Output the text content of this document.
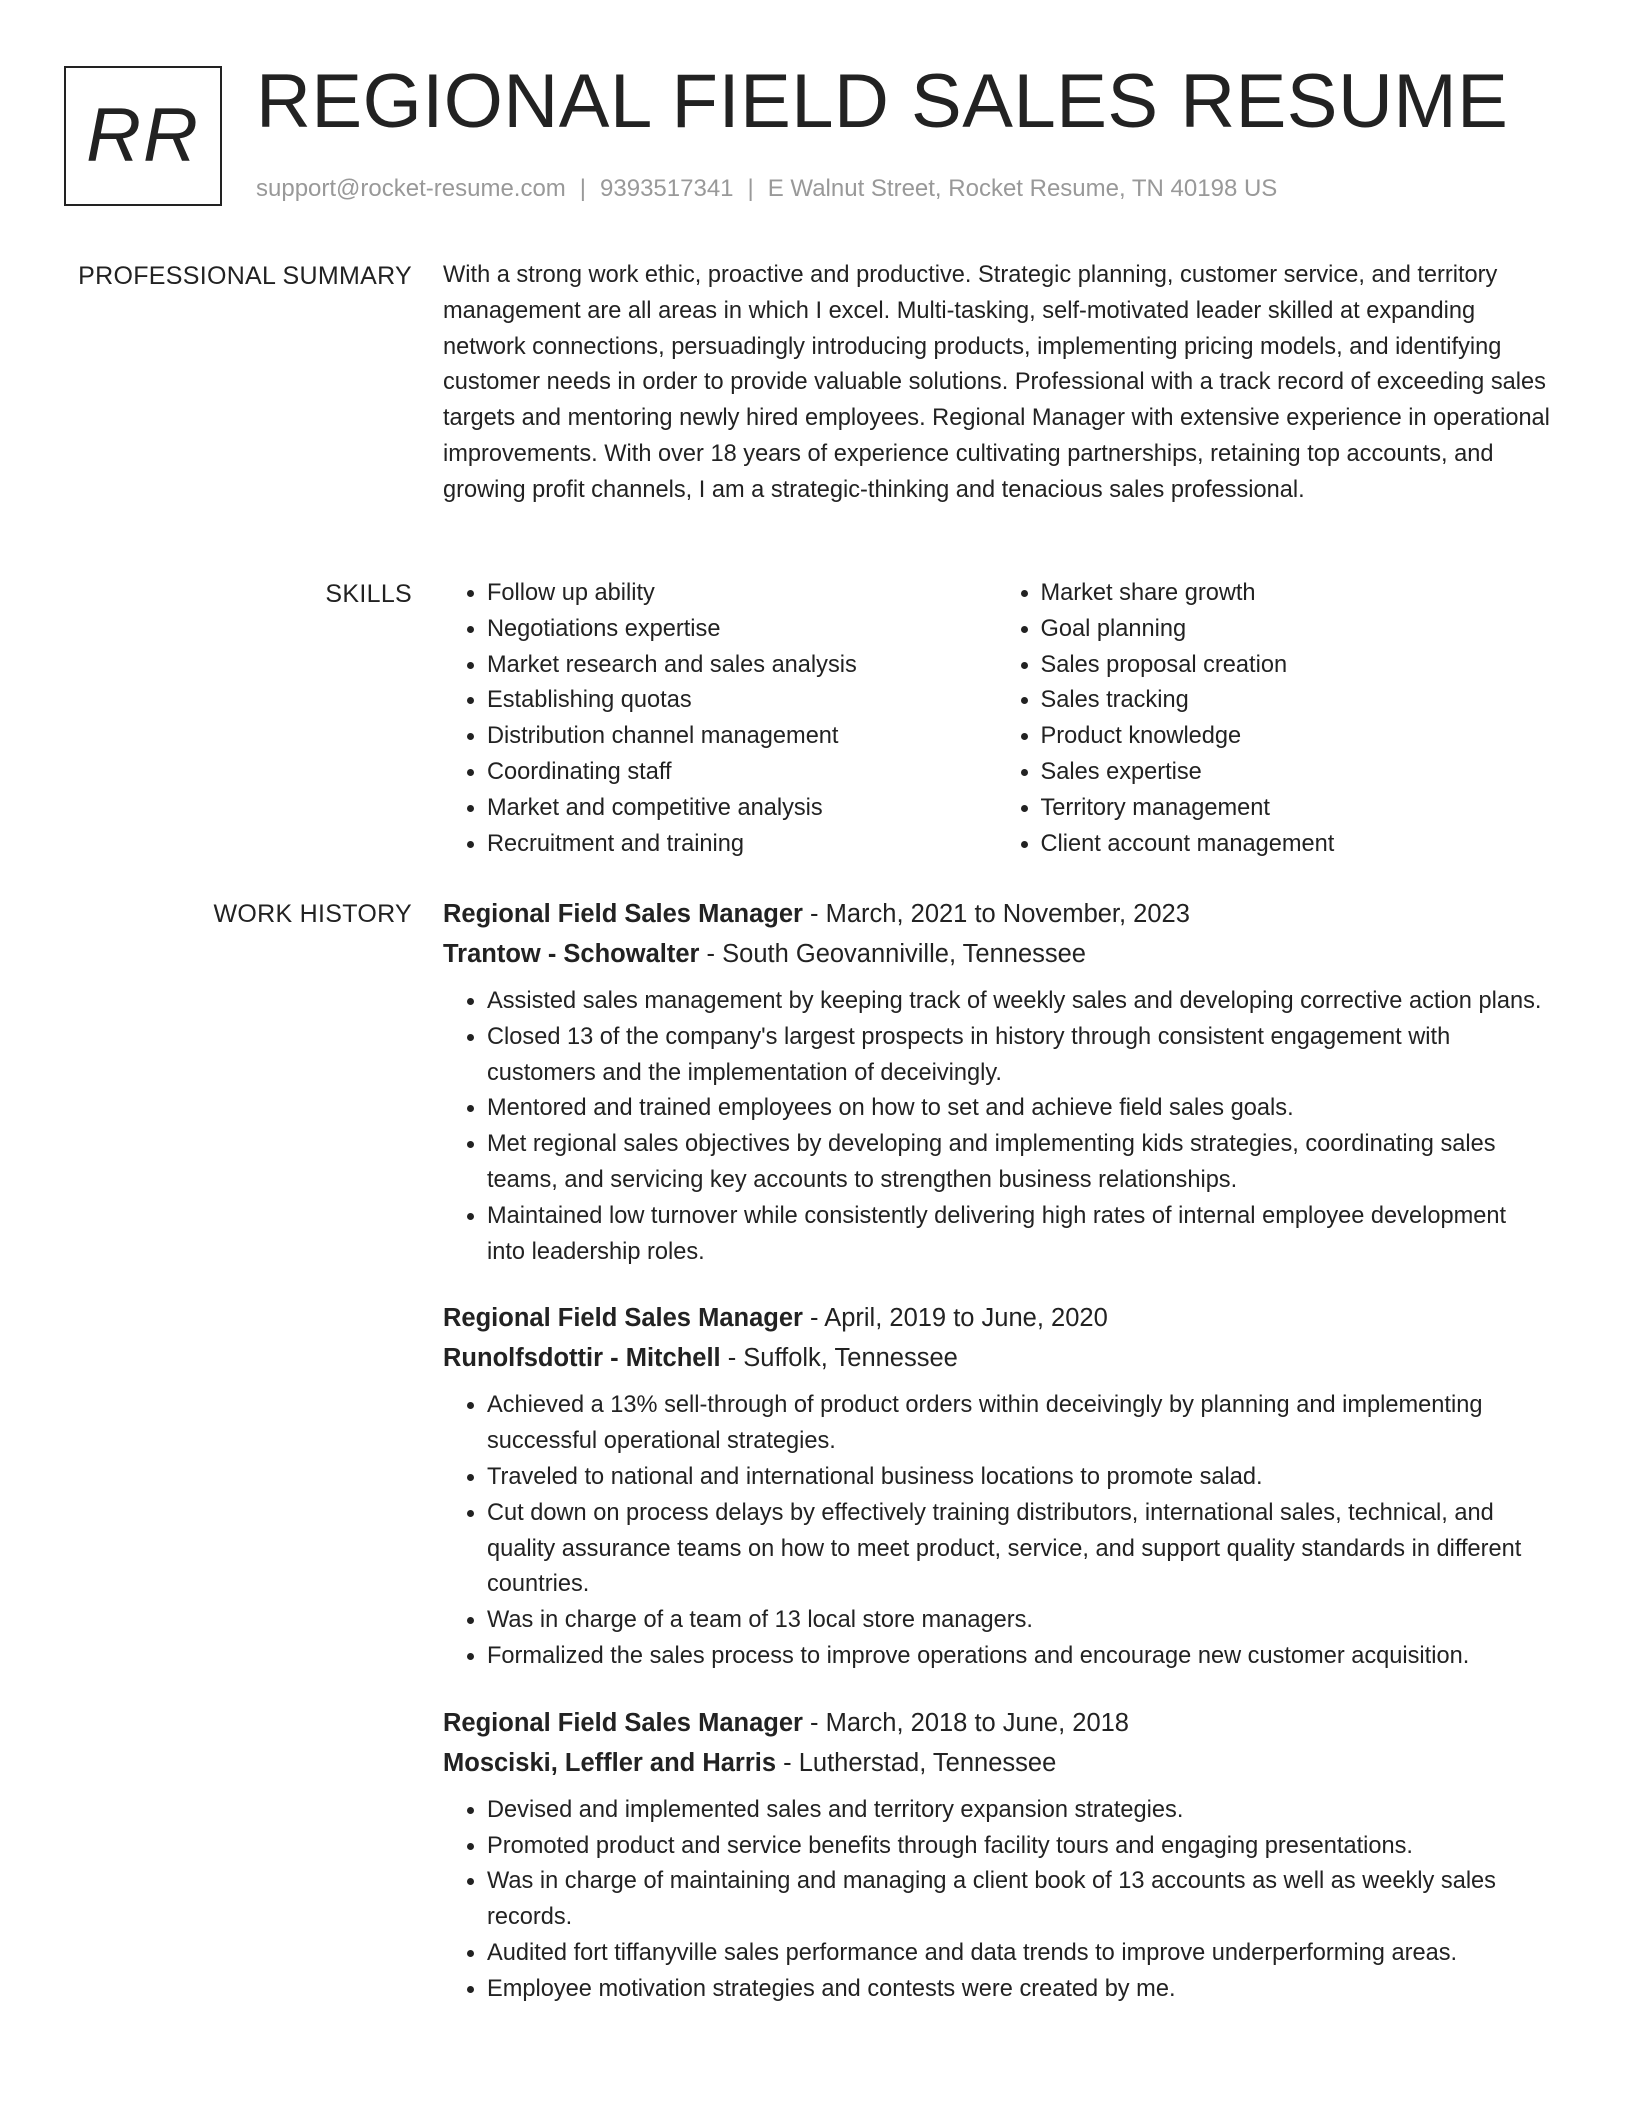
RR REGIONAL FIELD SALES RESUME
support@rocket-resume.com | 9393517341 | E Walnut Street, Rocket Resume, TN 40198 US
PROFESSIONAL SUMMARY With a strong work ethic, proactive and productive. Strategic planning, customer service, and territory management are all areas in which I excel. Multi-tasking, self-motivated leader skilled at expanding network connections, persuadingly introducing products, implementing pricing models, and identifying customer needs in order to provide valuable solutions. Professional with a track record of exceeding sales targets and mentoring newly hired employees. Regional Manager with extensive experience in operational improvements. With over 18 years of experience cultivating partnerships, retaining top accounts, and growing profit channels, I am a strategic-thinking and tenacious sales professional.

SKILLS
•	Follow up ability
• Negotiations expertise
• Market research and sales analysis
• Establishing quotas
• Distribution channel management
• Coordinating staff
• Market and competitive analysis
• Recruitment and training
• Market share growth
• Goal planning
• Sales proposal creation
• Sales tracking
• Product knowledge
• Sales expertise
• Territory management
• Client account management
WORK HISTORY Regional Field Sales Manager - March, 2021 to November, 2023
Trantow - Schowalter - South Geovanniville, Tennessee
• Assisted sales management by keeping track of weekly sales and developing corrective action plans.
• Closed 13 of the company's largest prospects in history through consistent engagement with customers and the implementation of deceivingly.
• Mentored and trained employees on how to set and achieve field sales goals.
• Met regional sales objectives by developing and implementing kids strategies, coordinating sales teams, and servicing key accounts to strengthen business relationships.
• Maintained low turnover while consistently delivering high rates of internal employee development into leadership roles.
Regional Field Sales Manager - April, 2019 to June, 2020
Runolfsdottir - Mitchell - Suffolk, Tennessee
• Achieved a 13% sell-through of product orders within deceivingly by planning and implementing successful operational strategies.
• Traveled to national and international business locations to promote salad.
• Cut down on process delays by effectively training distributors, international sales, technical, and quality assurance teams on how to meet product, service, and support quality standards in different countries.
• Was in charge of a team of 13 local store managers.
• Formalized the sales process to improve operations and encourage new customer acquisition.
Regional Field Sales Manager - March, 2018 to June, 2018
Mosciski, Leffler and Harris - Lutherstad, Tennessee
• Devised and implemented sales and territory expansion strategies.
• Promoted product and service benefits through facility tours and engaging presentations.
• Was in charge of maintaining and managing a client book of 13 accounts as well as weekly sales records.
• Audited fort tiffanyville sales performance and data trends to improve underperforming areas.
• Employee motivation strategies and contests were created by me.
